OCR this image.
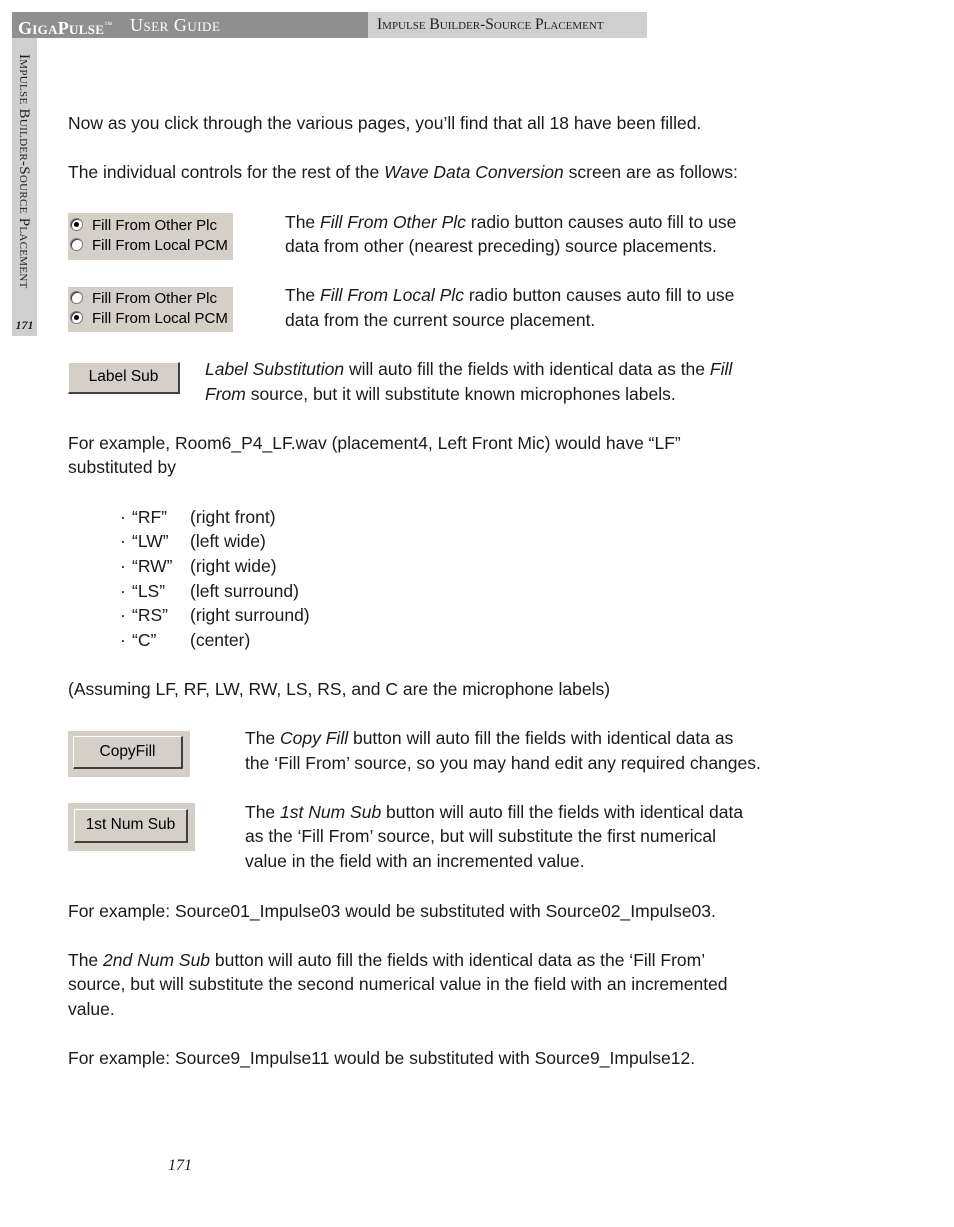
GigaPulse™ User Guide	Impulse Builder-Source Placement
Impulse Builder-Source Placement
171

Now as you click through the various pages, you’ll find that all 18 have been filled.

The individual controls for the rest of the Wave Data Conversion screen are as follows:

Fill From Other Plc
Fill From Local PCM

The Fill From Other Plc radio button causes auto fill to use

data from other (nearest preceding) source placements.

Fill From Other Plc
Fill From Local PCM

The Fill From Local Plc radio button causes auto fill to use

data from the current source placement.

Label Sub	Label Substitution will auto fill the fields with identical data as the Fill

From source, but it will substitute known microphones labels.

For example, Room6_P4_LF.wav (placement4, Left Front Mic) would have “LF”

substituted by

· “RF” (right front)
· “LW” (left wide)
· “RW” (right wide)
· “LS” (left surround)
· “RS” (right surround)
· “C” (center)

(Assuming LF, RF, LW, RW, LS, RS, and C are the microphone labels)

CopyFill

The Copy Fill button will auto fill the fields with identical data as

the ‘Fill From’ source, so you may hand edit any required changes.

1st Num Sub

The 1st Num Sub button will auto fill the fields with identical data

as the ‘Fill From’ source, but will substitute the first numerical

value in the field with an incremented value.

For example: Source01_Impulse03 would be substituted with Source02_Impulse03.

The 2nd Num Sub button will auto fill the fields with identical data as the ‘Fill From’

source, but will substitute the second numerical value in the field with an incremented

value.

For example: Source9_Impulse11 would be substituted with Source9_Impulse12.

171
